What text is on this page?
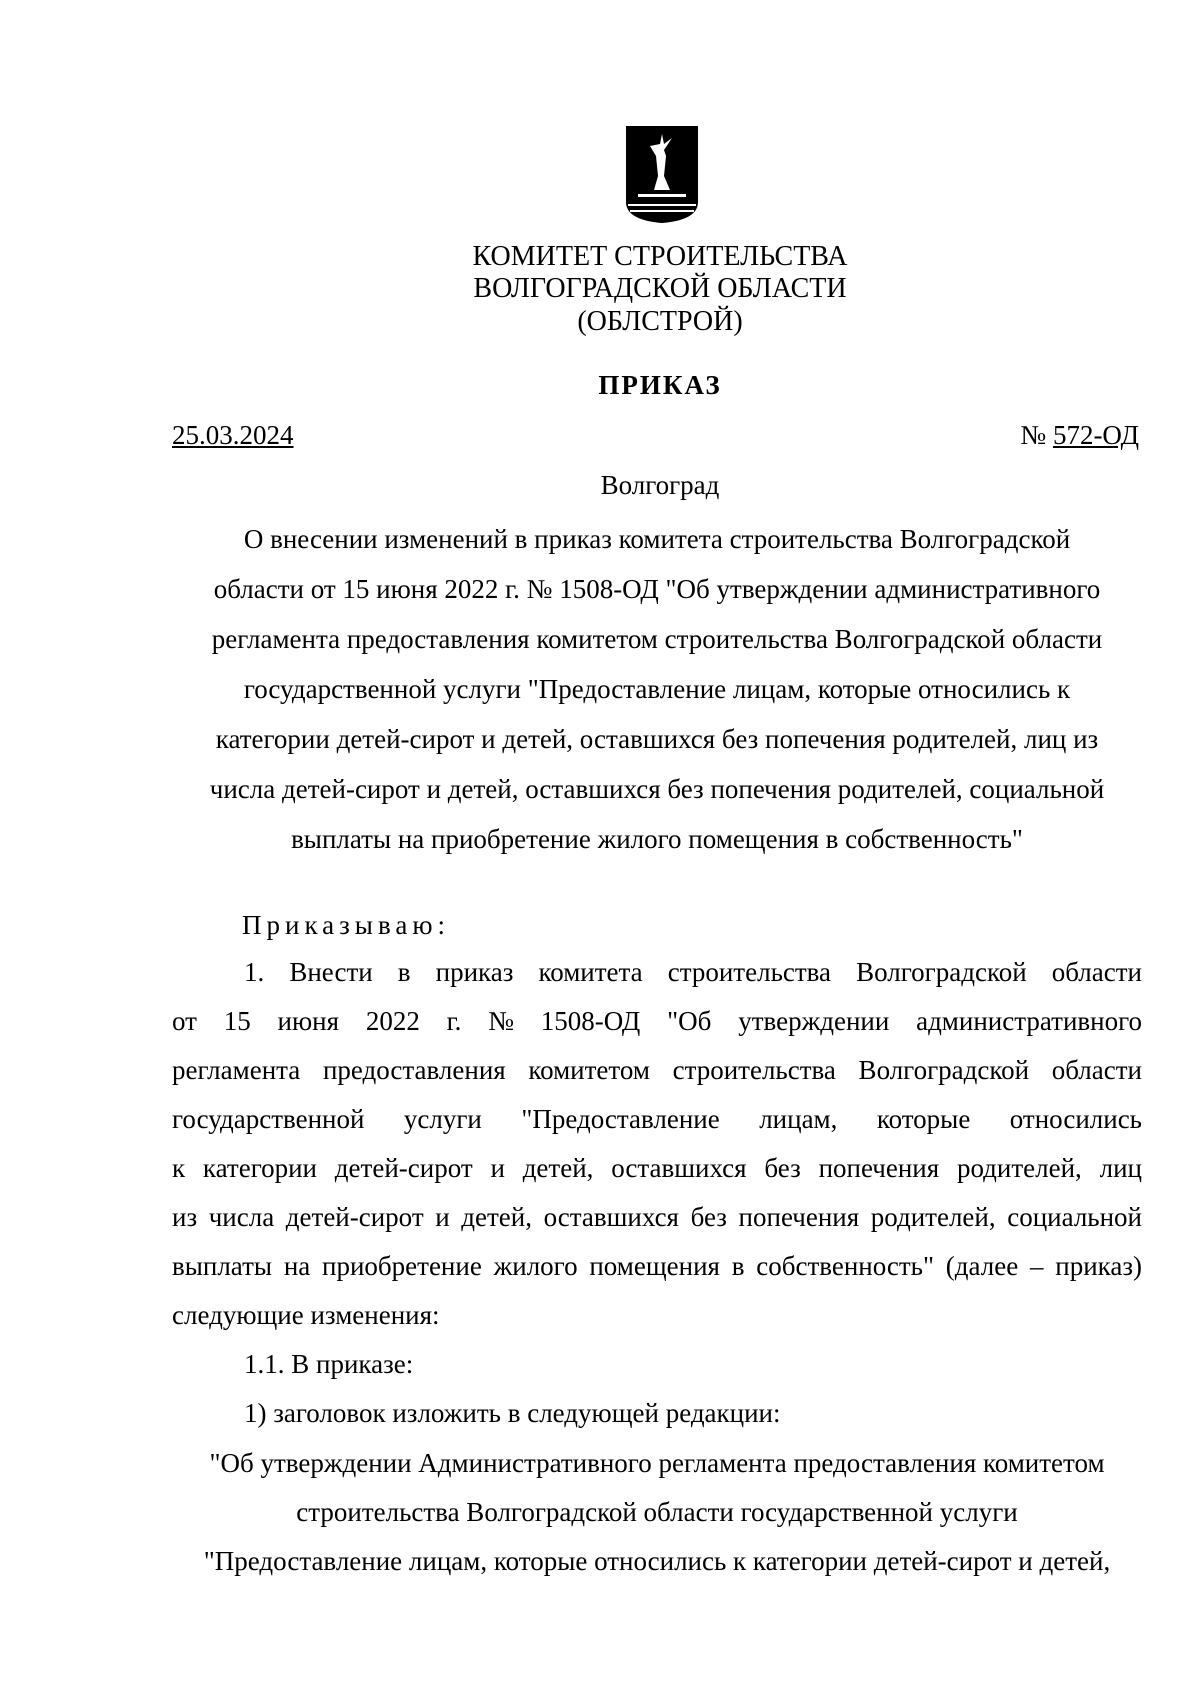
КОМИТЕТ СТРОИТЕЛЬСТВА
ВОЛГОГРАДСКОЙ ОБЛАСТИ
(ОБЛСТРОЙ)
ПРИКАЗ
25.03.2024	№ 572-ОД
Волгоград
О внесении изменений в приказ комитета строительства Волгоградской
области от 15 июня 2022 г. № 1508-ОД "Об утверждении административного
регламента предоставления комитетом строительства Волгоградской области
государственной услуги "Предоставление лицам, которые относились к
категории детей-сирот и детей, оставшихся без попечения родителей, лиц из
числа детей-сирот и детей, оставшихся без попечения родителей, социальной
выплаты на приобретение жилого помещения в собственность"
Приказываю:
1. Внести в приказ комитета строительства Волгоградской области
от 15 июня 2022 г. № 1508-ОД "Об утверждении административного
регламента предоставления комитетом строительства Волгоградской области
государственной услуги "Предоставление лицам, которые относились
к категории детей-сирот и детей, оставшихся без попечения родителей, лиц
из числа детей-сирот и детей, оставшихся без попечения родителей, социальной
выплаты на приобретение жилого помещения в собственность" (далее – приказ)
следующие изменения:
1.1. В приказе:
1) заголовок изложить в следующей редакции:
"Об утверждении Административного регламента предоставления комитетом
строительства Волгоградской области государственной услуги
"Предоставление лицам, которые относились к категории детей-сирот и детей,
